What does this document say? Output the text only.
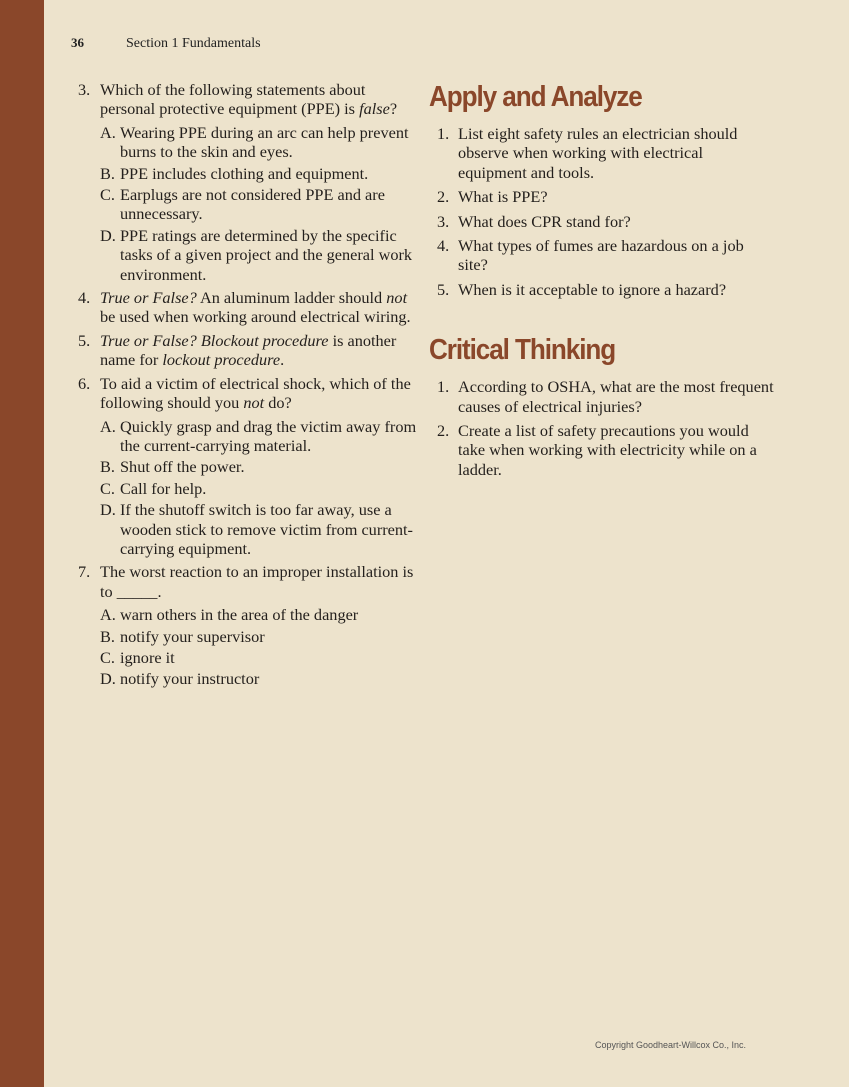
36	Section 1 Fundamentals
3. Which of the following statements about personal protective equipment (PPE) is false?
A. Wearing PPE during an arc can help prevent burns to the skin and eyes.
B. PPE includes clothing and equipment.
C. Earplugs are not considered PPE and are unnecessary.
D. PPE ratings are determined by the specific tasks of a given project and the general work environment.
4. True or False? An aluminum ladder should not be used when working around electrical wiring.
5. True or False? Blockout procedure is another name for lockout procedure.
6. To aid a victim of electrical shock, which of the following should you not do?
A. Quickly grasp and drag the victim away from the current-carrying material.
B. Shut off the power.
C. Call for help.
D. If the shutoff switch is too far away, use a wooden stick to remove victim from current-carrying equipment.
7. The worst reaction to an improper installation is to _____.
A. warn others in the area of the danger
B. notify your supervisor
C. ignore it
D. notify your instructor
Apply and Analyze
1. List eight safety rules an electrician should observe when working with electrical equipment and tools.
2. What is PPE?
3. What does CPR stand for?
4. What types of fumes are hazardous on a job site?
5. When is it acceptable to ignore a hazard?
Critical Thinking
1. According to OSHA, what are the most frequent causes of electrical injuries?
2. Create a list of safety precautions you would take when working with electricity while on a ladder.
Copyright Goodheart-Willcox Co., Inc.
